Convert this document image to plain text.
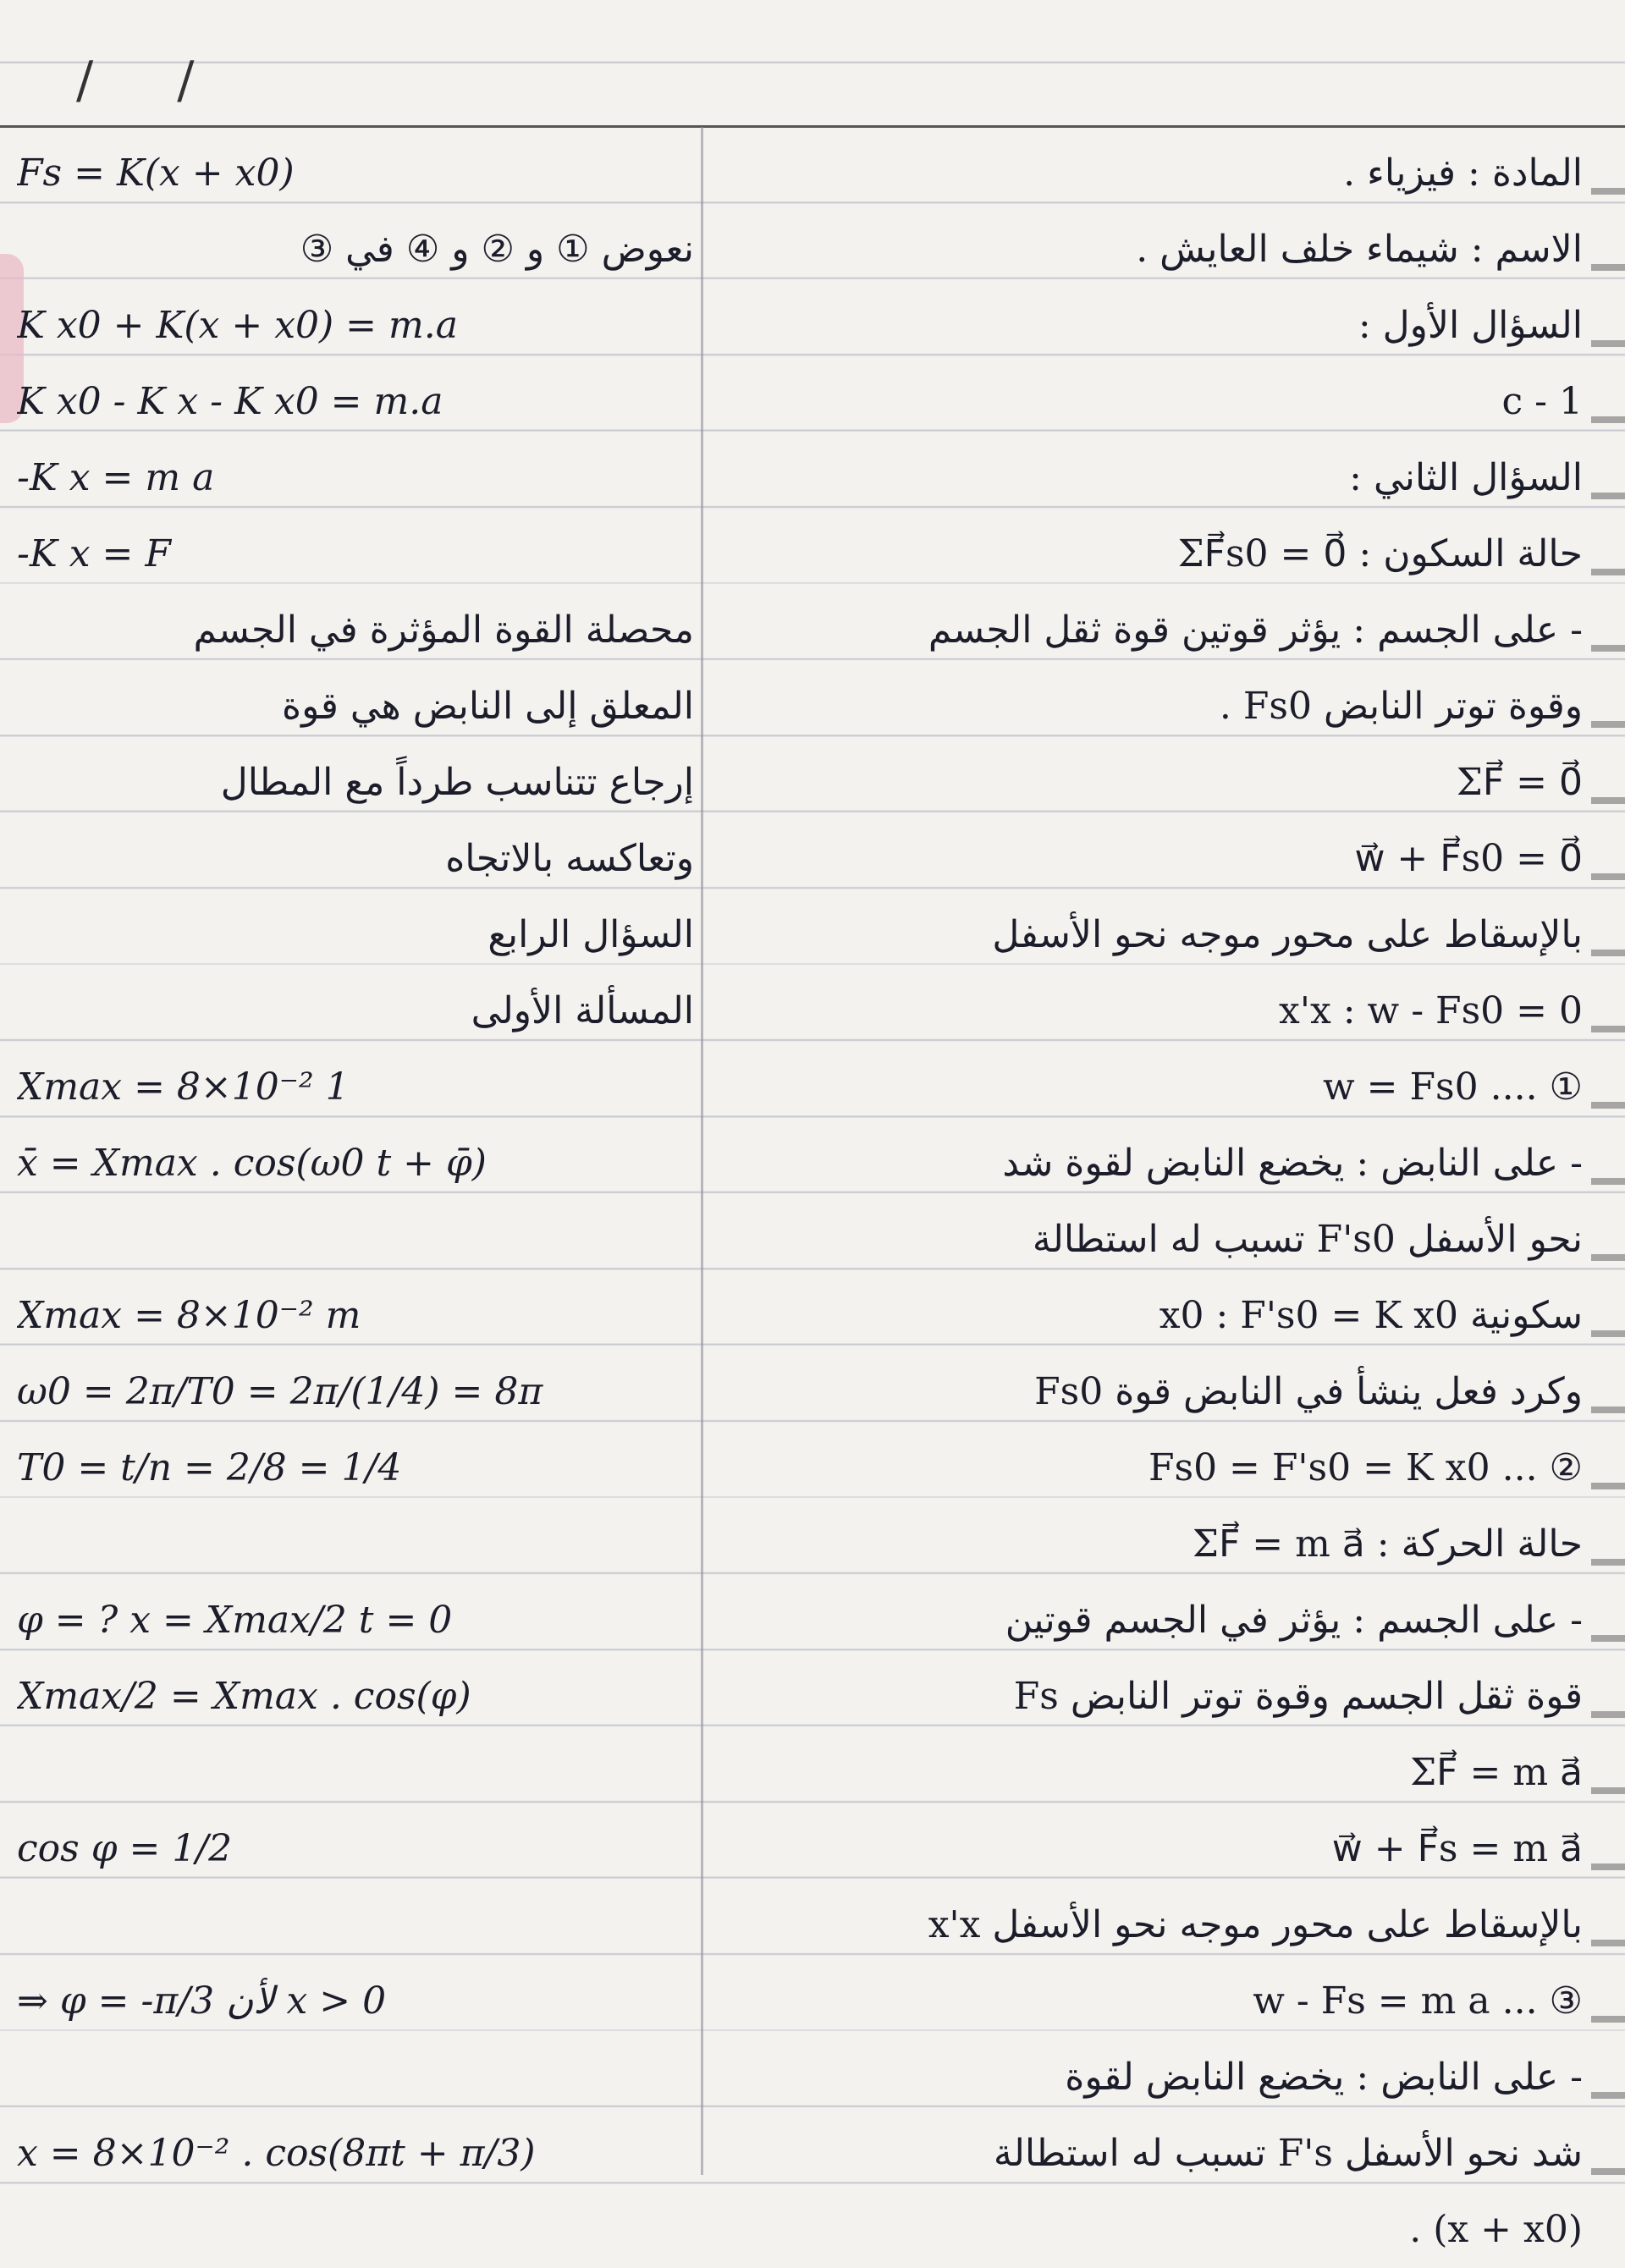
/ /
المادة : فيزياء .
الاسم : شيماء خلف العايش .
السؤال الأول :
1 - c
السؤال الثاني :
حالة السكون : ΣF⃗s0 = 0⃗
- على الجسم : يؤثر قوتين قوة ثقل الجسم
وقوة توتر النابض Fs0 .
ΣF⃗ = 0⃗
w⃗ + F⃗s0 = 0⃗
بالإسقاط على محور موجه نحو الأسفل
x'x : w - Fs0 = 0
① .... w = Fs0
- على النابض : يخضع النابض لقوة شد
نحو الأسفل F's0 تسبب له استطالة
سكونية x0 : F's0 = K x0
وكرد فعل ينشأ في النابض قوة Fs0
② ... Fs0 = F's0 = K x0
حالة الحركة : ΣF⃗ = m a⃗
- على الجسم : يؤثر في الجسم قوتين
قوة ثقل الجسم وقوة توتر النابض Fs
ΣF⃗ = m a⃗
w⃗ + F⃗s = m a⃗
بالإسقاط على محور موجه نحو الأسفل x'x
③ ... w - Fs = m a
- على النابض : يخضع النابض لقوة
شد نحو الأسفل F's تسبب له استطالة
(x + x0) .
Fs = K(x + x0)
نعوض ① و ② و ④ في ③
K x0 + K(x + x0) = m.a
K x0 - K x - K x0 = m.a
-K x = m a
-K x = F
محصلة القوة المؤثرة في الجسم
المعلق إلى النابض هي قوة
إرجاع تتناسب طرداً مع المطال
وتعاكسه بالاتجاه
السؤال الرابع
المسألة الأولى
Xmax = 8×10⁻² 1
x̄ = Xmax . cos(ω0 t + φ̄)
Xmax = 8×10⁻² m
ω0 = 2π/T0 = 2π/(1/4) = 8π
T0 = t/n = 2/8 = 1/4
φ = ? x = Xmax/2 t = 0
Xmax/2 = Xmax . cos(φ)
cos φ = 1/2
⇒ φ = -π/3 لأن x > 0
x = 8×10⁻² . cos(8πt + π/3)
